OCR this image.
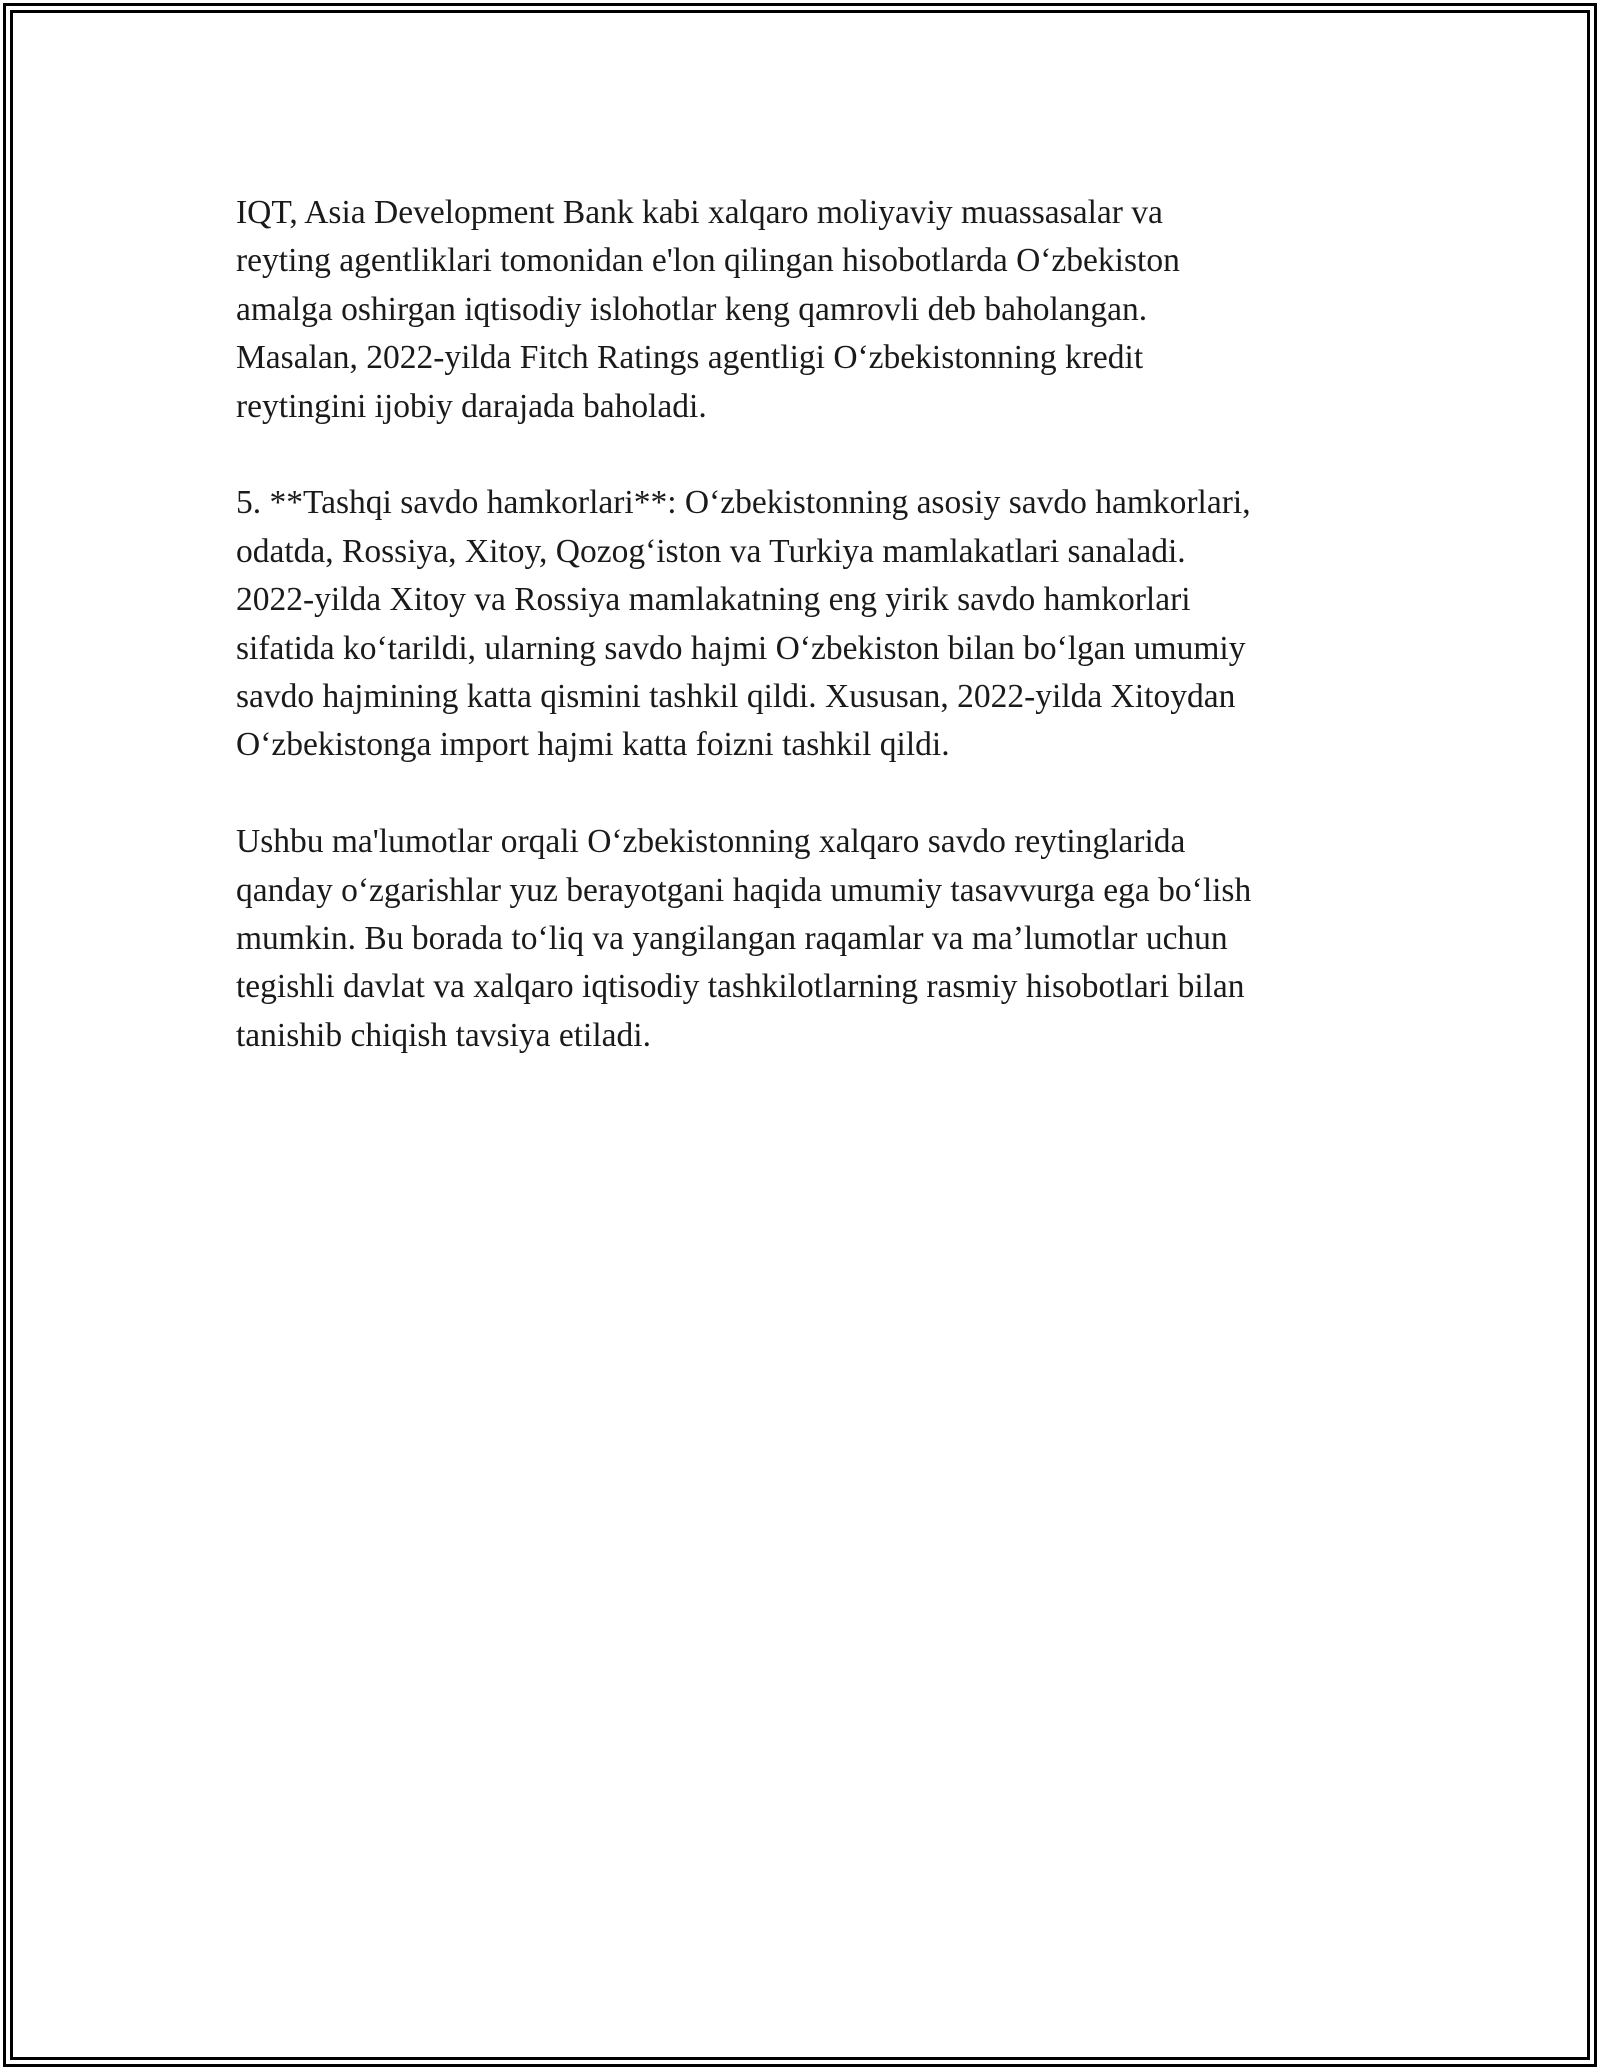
IQT, Asia Development Bank kabi xalqaro moliyaviy muassasalar va
reyting agentliklari tomonidan e'lon qilingan hisobotlarda O‘zbekiston
amalga oshirgan iqtisodiy islohotlar keng qamrovli deb baholangan.
Masalan, 2022-yilda Fitch Ratings agentligi O‘zbekistonning kredit
reytingini ijobiy darajada baholadi.

5. **Tashqi savdo hamkorlari**: O‘zbekistonning asosiy savdo hamkorlari,
odatda, Rossiya, Xitoy, Qozog‘iston va Turkiya mamlakatlari sanaladi.
2022-yilda Xitoy va Rossiya mamlakatning eng yirik savdo hamkorlari
sifatida ko‘tarildi, ularning savdo hajmi O‘zbekiston bilan bo‘lgan umumiy
savdo hajmining katta qismini tashkil qildi. Xususan, 2022-yilda Xitoydan
O‘zbekistonga import hajmi katta foizni tashkil qildi.

Ushbu ma'lumotlar orqali O‘zbekistonning xalqaro savdo reytinglarida
qanday o‘zgarishlar yuz berayotgani haqida umumiy tasavvurga ega bo‘lish
mumkin. Bu borada to‘liq va yangilangan raqamlar va ma’lumotlar uchun
tegishli davlat va xalqaro iqtisodiy tashkilotlarning rasmiy hisobotlari bilan
tanishib chiqish tavsiya etiladi.
